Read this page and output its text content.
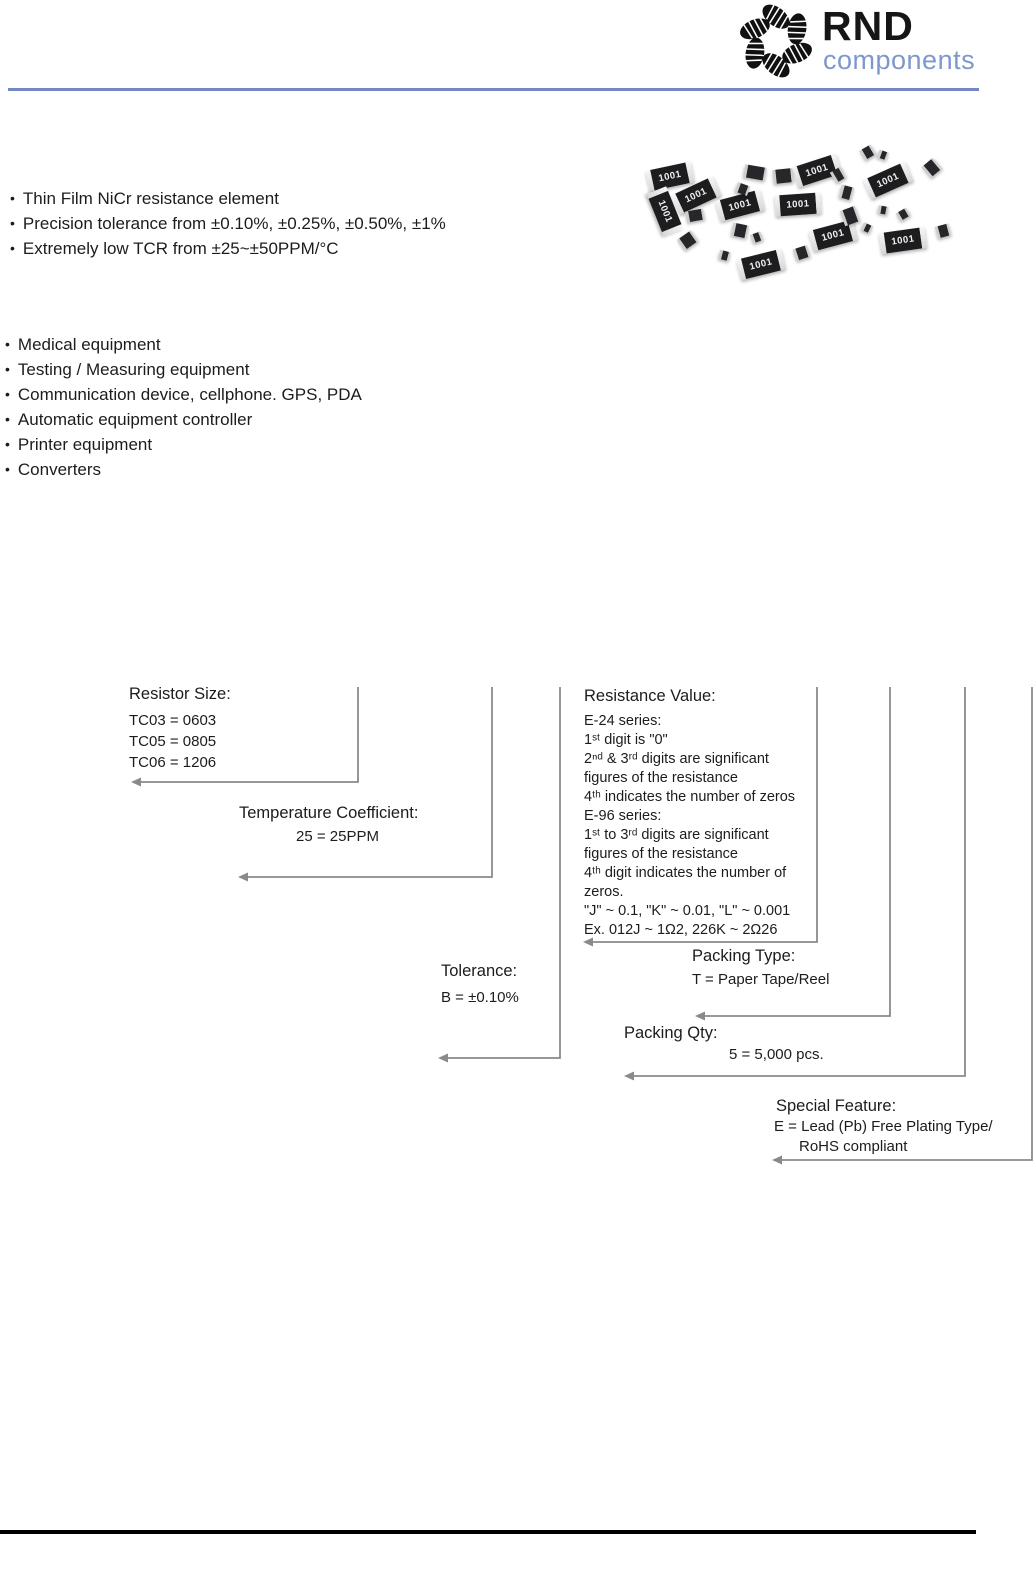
RND
components
• Thin Film NiCr resistance element
• Precision tolerance from ±0.10%, ±0.25%, ±0.50%, ±1%
• Extremely low TCR from ±25~±50PPM/°C
1001
1001
1001	1001
1001
1001
1001
1001	1001
1001
• Medical equipment
• Testing / Measuring equipment
• Communication device, cellphone. GPS, PDA
• Automatic equipment controller
• Printer equipment
• Converters
Resistor Size:
TC03 = 0603
TC05 = 0805
TC06 = 1206
Temperature Coefficient:
25 = 25PPM
Resistance Value:
E-24 series:
1ˢᵗ digit is "0"
2ⁿᵈ & 3ʳᵈ digits are significant
figures of the resistance
4ᵗʰ indicates the number of zeros
E-96 series:
1ˢᵗ to 3ʳᵈ digits are significant
figures of the resistance
4ᵗʰ digit indicates the number of
zeros.
"J" ~ 0.1, "K" ~ 0.01, "L" ~ 0.001
Ex. 012J ~ 1Ω2, 226K ~ 2Ω26
Tolerance:
B = ±0.10%
Packing Type:
T = Paper Tape/Reel
Packing Qty:
5 = 5,000 pcs.
Special Feature:
E = Lead (Pb) Free Plating Type/
RoHS compliant
